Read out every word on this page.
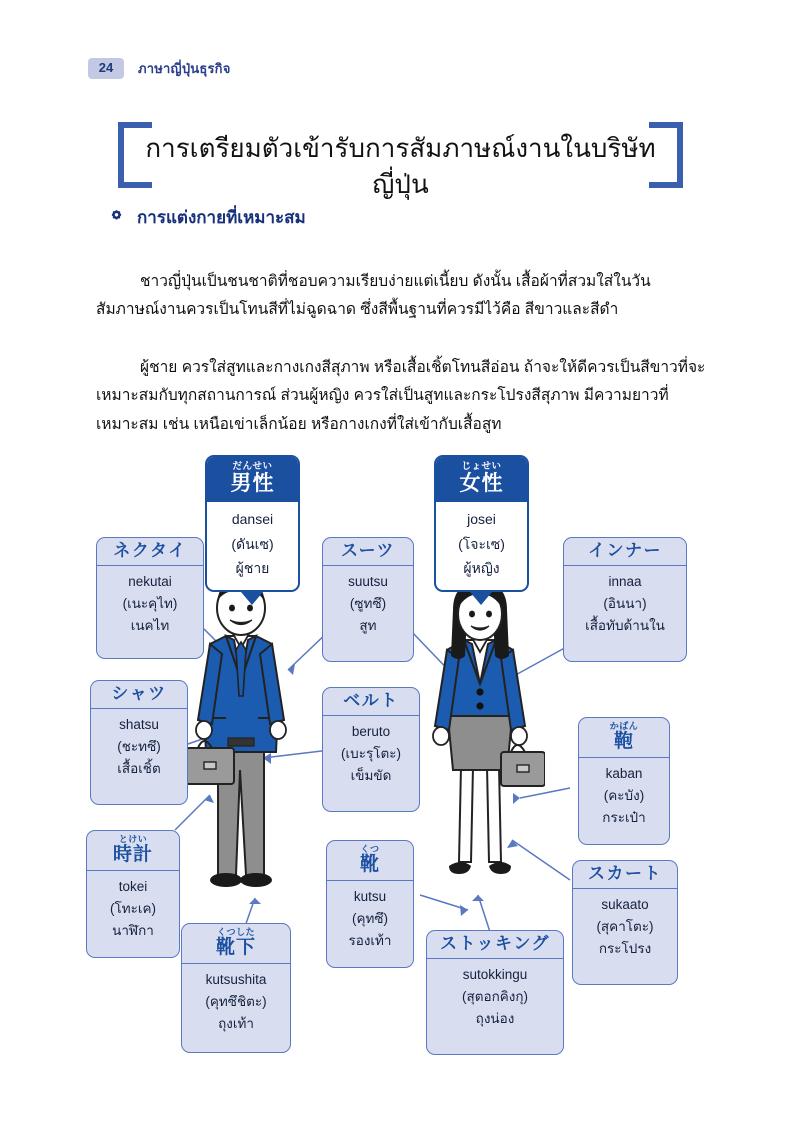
24	ภาษาญี่ปุ่นธุรกิจ
การเตรียมตัวเข้ารับการสัมภาษณ์งานในบริษัทญี่ปุ่น
การแต่งกายที่เหมาะสม

ชาวญี่ปุ่นเป็นชนชาติที่ชอบความเรียบง่ายแต่เนี้ยบ ดังนั้น เสื้อผ้าที่สวมใส่ในวันสัมภาษณ์งานควรเป็นโทนสีที่ไม่ฉูดฉาด ซึ่งสีพื้นฐานที่ควรมีไว้คือ สีขาวและสีดำ

ผู้ชาย ควรใส่สูทและกางเกงสีสุภาพ หรือเสื้อเชิ้ตโทนสีอ่อน ถ้าจะให้ดีควรเป็นสีขาวที่จะเหมาะสมกับทุกสถานการณ์ ส่วนผู้หญิง ควรใส่เป็นสูทและกระโปรงสีสุภาพ มีความยาวที่เหมาะสม เช่น เหนือเข่าเล็กน้อย หรือกางเกงที่ใส่เข้ากับเสื้อสูท

だんせい
男性
dansei
(ดันเซ)
ผู้ชาย
じょせい
女性
josei
(โจะเซ)
ผู้หญิง
ネクタイ
nekutai
(เนะคุไท)
เนคไท
スーツ
suutsu
(ซูทซึ)
สูท
インナー
innaa
(อินนา)
เสื้อทับด้านใน
シャツ
shatsu
(ชะทซึ)
เสื้อเชิ้ต
ベルト
beruto
(เบะรุโตะ)
เข็มขัด
かばん
鞄
kaban
(คะบัง)
กระเป๋า
とけい
時計
tokei
(โทะเค)
นาฬิกา	くつした
靴下
kutsushita
(คุทซึชิตะ)
ถุงเท้า
くつ
靴
kutsu
(คุทซึ)
รองเท้า	ストッキング
sutokkingu
(สุตอกคิงกุ)
ถุงน่อง
スカート
sukaato
(สุคาโตะ)
กระโปรง
